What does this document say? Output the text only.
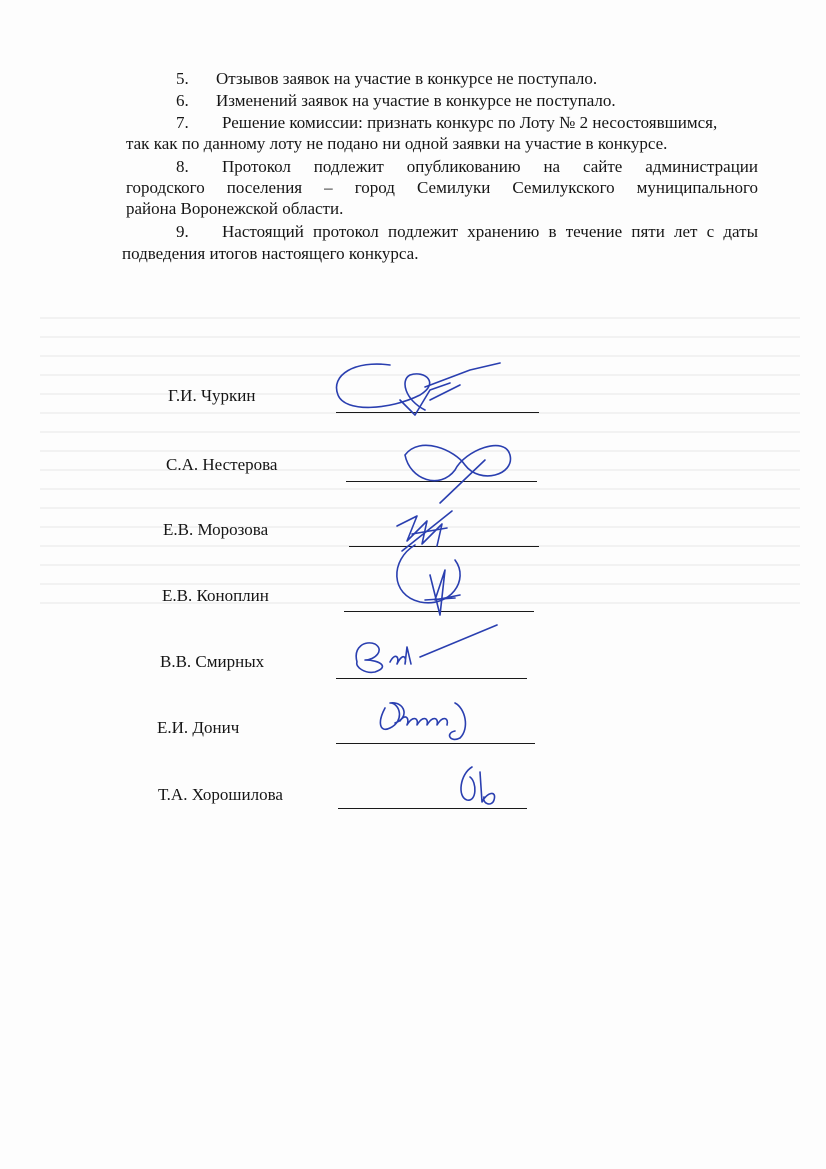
5. Отзывов заявок на участие в конкурсе не поступало.

6. Изменений заявок на участие в конкурсе не поступало.

7. Решение комиссии: признать конкурс по Лоту № 2 несостоявшимся,

так как по данному лоту не подано ни одной заявки на участие в конкурсе.

8. Протокол подлежит опубликованию на сайте администрации

городского поселения – город Семилуки Семилукского муниципального

района Воронежской области.

9. Настоящий протокол подлежит хранению в течение пяти лет с даты

подведения итогов настоящего конкурса.

Г.И. Чуркин
С.А. Нестерова
Е.В. Морозова
Е.В. Коноплин
В.В. Смирных
Е.И. Донич
Т.А. Хорошилова
